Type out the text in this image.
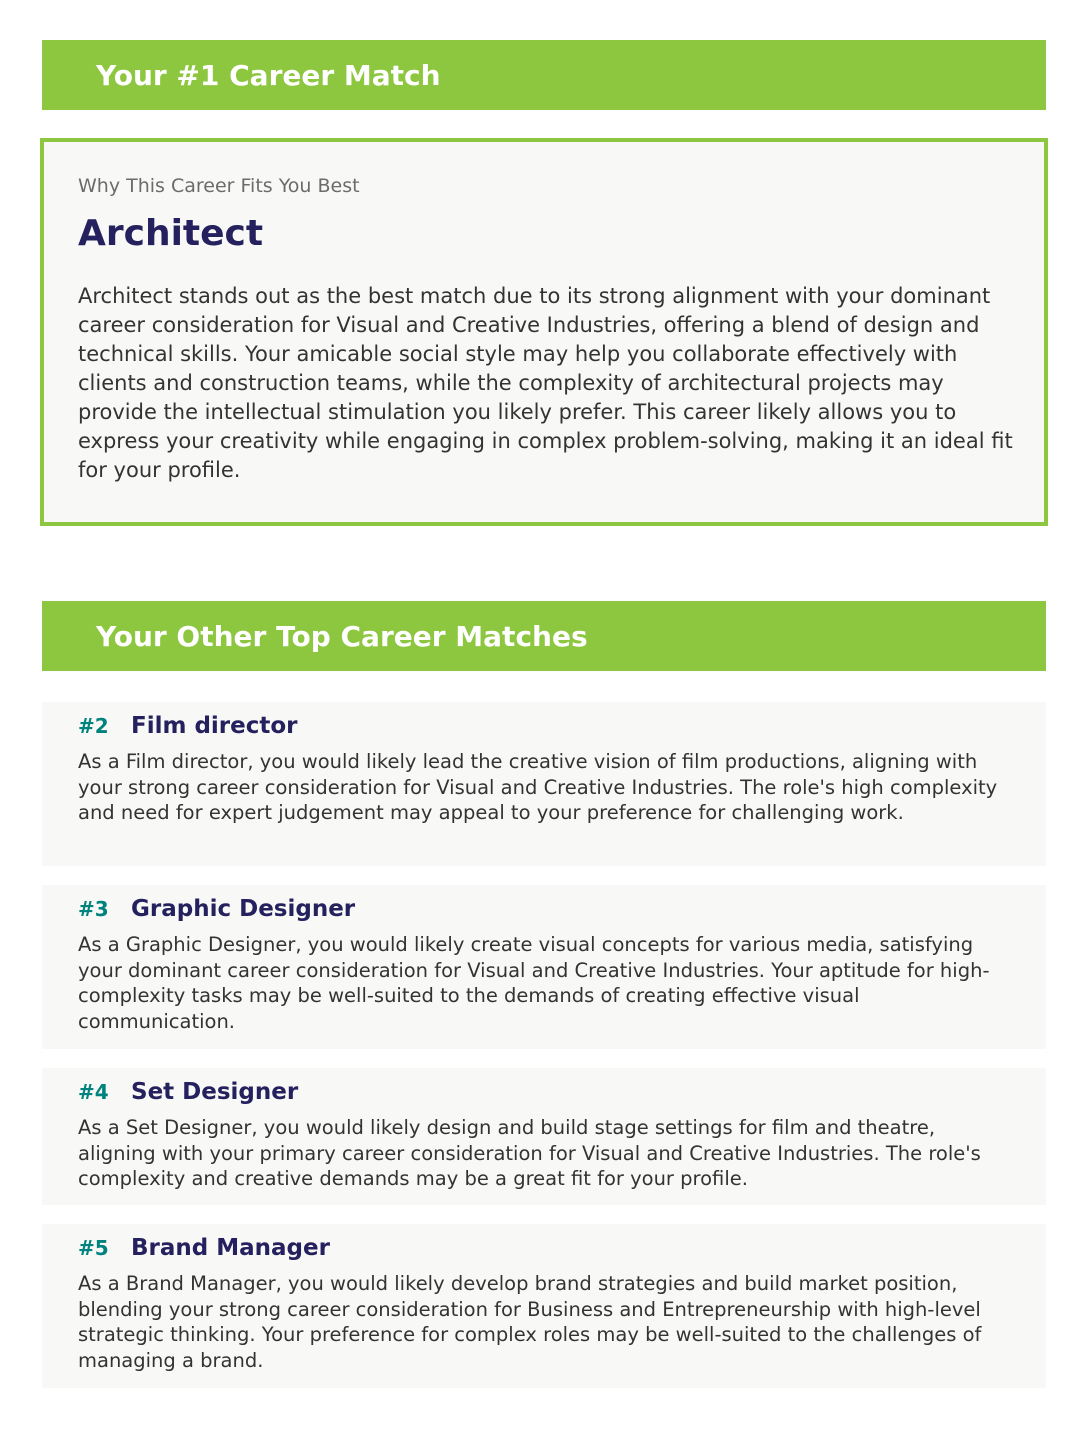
Your #1 Career Match

Why This Career Fits You Best

Architect

Architect stands out as the best match due to its strong alignment with your dominant career consideration for Visual and Creative Industries, offering a blend of design and technical skills. Your amicable social style may help you collaborate effectively with clients and construction teams, while the complexity of architectural projects may provide the intellectual stimulation you likely prefer. This career likely allows you to express your creativity while engaging in complex problem-solving, making it an ideal fit for your profile.

Your Other Top Career Matches
#2 Film director

As a Film director, you would likely lead the creative vision of film productions, aligning with your strong career consideration for Visual and Creative Industries. The role's high complexity and need for expert judgement may appeal to your preference for challenging work.

#3 Graphic Designer

As a Graphic Designer, you would likely create visual concepts for various media, satisfying your dominant career consideration for Visual and Creative Industries. Your aptitude for high-complexity tasks may be well-suited to the demands of creating effective visual communication.

#4 Set Designer

As a Set Designer, you would likely design and build stage settings for film and theatre, aligning with your primary career consideration for Visual and Creative Industries. The role's complexity and creative demands may be a great fit for your profile.

#5 Brand Manager

As a Brand Manager, you would likely develop brand strategies and build market position, blending your strong career consideration for Business and Entrepreneurship with high-level strategic thinking. Your preference for complex roles may be well-suited to the challenges of managing a brand.
